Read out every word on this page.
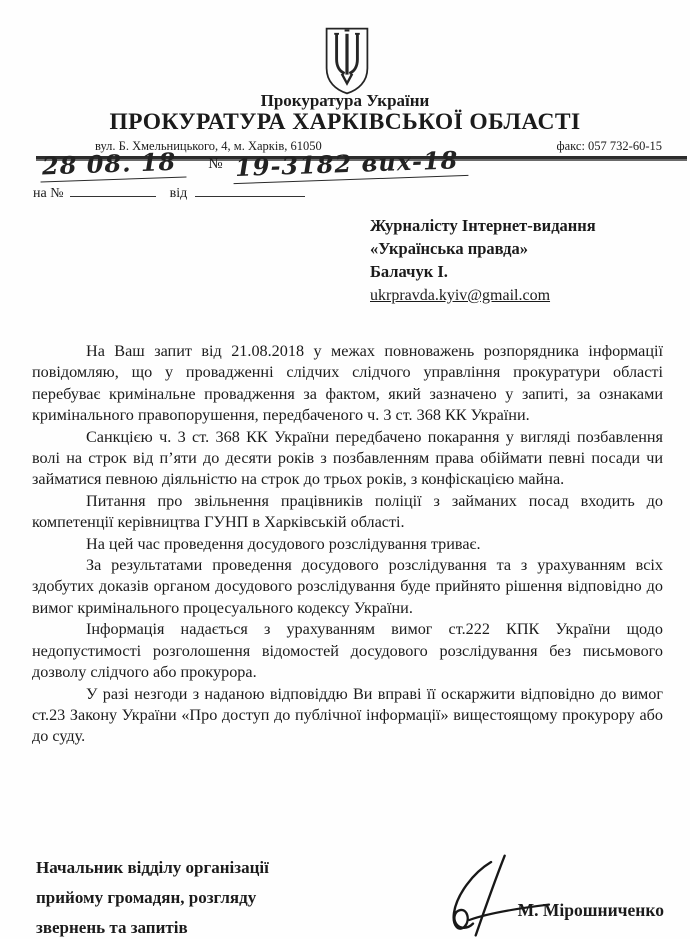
Прокуратура України
ПРОКУРАТУРА ХАРКІВСЬКОЇ ОБЛАСТІ
вул. Б. Хмельницького, 4, м. Харків, 61050	факс: 057 732-60-15
28 08. 18 № 19-3182 вих-18
на №	від
Журналісту Інтернет-видання
«Українська правда»
Балачук І.
ukrpravda.kyiv@gmail.com

На Ваш запит від 21.08.2018 у межах повноважень розпорядника інформації повідомляю, що у провадженні слідчих слідчого управління прокуратури області перебуває кримінальне провадження за фактом, який зазначено у запиті, за ознаками кримінального правопорушення, передбаченого ч. 3 ст. 368 КК України.

Санкцією ч. 3 ст. 368 КК України передбачено покарання у вигляді позбавлення волі на строк від п’яти до десяти років з позбавленням права обіймати певні посади чи займатися певною діяльністю на строк до трьох років, з конфіскацією майна.

Питання про звільнення працівників поліції з займаних посад входить до компетенції керівництва ГУНП в Харківській області.

На цей час проведення досудового розслідування триває.

За результатами проведення досудового розслідування та з урахуванням всіх здобутих доказів органом досудового розслідування буде прийнято рішення відповідно до вимог кримінального процесуального кодексу України.

Інформація надається з урахуванням вимог ст.222 КПК України щодо недопустимості розголошення відомостей досудового розслідування без письмового дозволу слідчого або прокурора.

У разі незгоди з наданою відповіддю Ви вправі її оскаржити відповідно до вимог ст.23 Закону України «Про доступ до публічної інформації» вищестоящому прокурору або до суду.

Начальник відділу організації
прийому громадян, розгляду
звернень та запитів
М. Мірошниченко
